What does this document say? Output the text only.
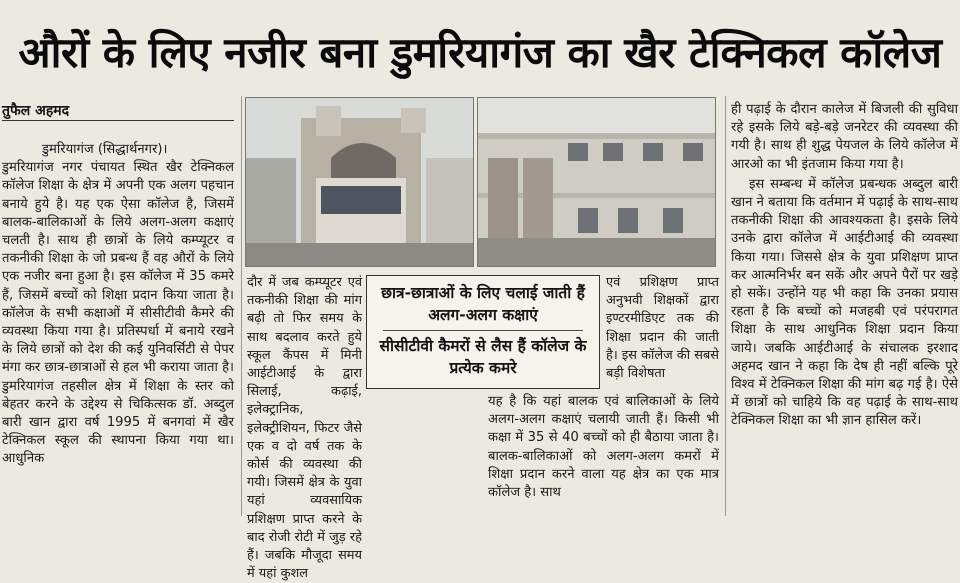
औरों के लिए नजीर बना डुमरियागंज का खैर टेक्निकल कॉलेज
तुफैल अहमद

डुमरियागंज (सिद्धार्थनगर)।
डुमरियागंज नगर पंचायत स्थित खैर टेक्निकल कॉलेज शिक्षा के क्षेत्र में अपनी एक अलग पहचान बनाये हुये है। यह एक ऐसा कॉलेज है, जिसमें बालक-बालिकाओं के लिये अलग-अलग कक्षाएं चलती है। साथ ही छात्रों के लिये कम्प्यूटर व तकनीकी शिक्षा के जो प्रबन्ध हैं वह औरों के लिये एक नजीर बना हुआ है। इस कॉलेज में 35 कमरे हैं, जिसमें बच्चों को शिक्षा प्रदान किया जाता है। कॉलेज के सभी कक्षाओं में सीसीटीवी कैमरे की व्यवस्था किया गया है। प्रतिस्पर्धा में बनाये रखने के लिये छात्रों को देश की कई युनिवर्सिटी से पेपर मंगा कर छात्र-छात्राओं से हल भी कराया जाता है। डुमरियागंज तहसील क्षेत्र में शिक्षा के स्तर को बेहतर करने के उद्देश्य से चिकित्सक डॉ. अब्दुल बारी खान द्वारा वर्ष 1995 में बनगवां में खैर टेक्निकल स्कूल की स्थापना किया गया था। आधुनिक

दौर में जब कम्प्यूटर एवं तकनीकी शिक्षा की मांग बढ़ी तो फिर समय के साथ बदलाव करते हुये स्कूल कैंपस में मिनी आईटीआई के द्वारा सिलाई, कढ़ाई, इलेक्ट्रानिक, इलेक्ट्रीशियन, फिटर जैसे एक व दो वर्ष तक के कोर्स की व्यवस्था की गयी। जिसमें क्षेत्र के युवा यहां व्यवसायिक प्रशिक्षण प्राप्त करने के बाद रोजी रोटी में जुड़ रहे हैं। जबकि मौजूदा समय में यहां कुशल

छात्र-छात्राओं के लिए चलाई जाती हैं अलग-अलग कक्षाएं
सीसीटीवी कैमरों से लैस हैं कॉलेज के प्रत्येक कमरे

एवं प्रशिक्षण प्राप्त अनुभवी शिक्षकों द्वारा इण्टरमीडिएट तक की शिक्षा प्रदान की जाती है। इस कॉलेज की सबसे बड़ी विशेषता

यह है कि यहां बालक एवं बालिकाओं के लिये अलग-अलग कक्षाएं चलायी जाती हैं। किसी भी कक्षा में 35 से 40 बच्चों को ही बैठाया जाता है। बालक-बालिकाओं को अलग-अलग कमरों में शिक्षा प्रदान करने वाला यह क्षेत्र का एक मात्र कॉलेज है। साथ

ही पढ़ाई के दौरान कालेज में बिजली की सुविधा रहे इसके लिये बड़े-बड़े जनरेटर की व्यवस्था की गयी है। साथ ही शुद्ध पेयजल के लिये कॉलेज में आरओ का भी इंतजाम किया गया है।

इस सम्बन्ध में कॉलेज प्रबन्धक अब्दुल बारी खान ने बताया कि वर्तमान में पढ़ाई के साथ-साथ तकनीकी शिक्षा की आवश्यकता है। इसके लिये उनके द्वारा कॉलेज में आईटीआई की व्यवस्था किया गया। जिससे क्षेत्र के युवा प्रशिक्षण प्राप्त कर आत्मनिर्भर बन सकें और अपने पैरों पर खड़े हो सकें। उन्होंने यह भी कहा कि उनका प्रयास रहता है कि बच्चों को मजहबी एवं परंपरागत शिक्षा के साथ आधुनिक शिक्षा प्रदान किया जाये। जबकि आईटीआई के संचालक इरशाद अहमद खान ने कहा कि देष ही नहीं बल्कि पूरे विश्व में टेक्निकल शिक्षा की मांग बढ़ गई है। ऐसे में छात्रों को चाहिये कि वह पढ़ाई के साथ-साथ टेक्निकल शिक्षा का भी ज्ञान हासिल करें।
